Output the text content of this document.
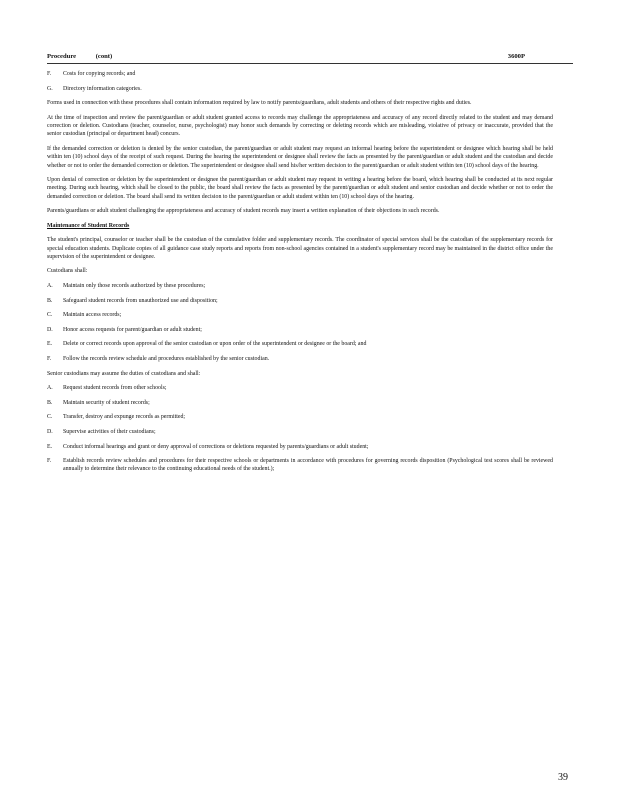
Procedure	(cont)	3600P
F. Costs for copying records; and
G. Directory information categories.

Forms used in connection with these procedures shall contain information required by law to notify parents/guardians, adult students and others of their respective rights and duties.

At the time of inspection and review the parent/guardian or adult student granted access to records may challenge the appropriateness and accuracy of any record directly related to the student and may demand correction or deletion. Custodians (teacher, counselor, nurse, psychologist) may honor such demands by correcting or deleting records which are misleading, violative of privacy or inaccurate, provided that the senior custodian (principal or department head) concurs.

If the demanded correction or deletion is denied by the senior custodian, the parent/guardian or adult student may request an informal hearing before the superintendent or designee which hearing shall be held within ten (10) school days of the receipt of such request. During the hearing the superintendent or designee shall review the facts as presented by the parent/guardian or adult student and the custodian and decide whether or not to order the demanded correction or deletion. The superintendent or designee shall send his/her written decision to the parent/guardian or adult student within ten (10) school days of the hearing.

Upon denial of correction or deletion by the superintendent or designee the parent/guardian or adult student may request in writing a hearing before the board, which hearing shall be conducted at its next regular meeting. During such hearing, which shall be closed to the public, the board shall review the facts as presented by the parent/guardian or adult student and senior custodian and decide whether or not to order the demanded correction or deletion. The board shall send its written decision to the parent/guardian or adult student within ten (10) school days of the hearing.

Parents/guardians or adult student challenging the appropriateness and accuracy of student records may insert a written explanation of their objections in such records.

Maintenance of Student Records

The student's principal, counselor or teacher shall be the custodian of the cumulative folder and supplementary records. The coordinator of special services shall be the custodian of the supplementary records for special education students. Duplicate copies of all guidance case study reports and reports from non-school agencies contained in a student's supplementary record may be maintained in the district office under the supervision of the superintendent or designee.

Custodians shall:

A. Maintain only those records authorized by these procedures;
B. Safeguard student records from unauthorized use and disposition;
C. Maintain access records;
D. Honor access requests for parent/guardian or adult student;
E. Delete or correct records upon approval of the senior custodian or upon order of the superintendent or designee or the board; and
F. Follow the records review schedule and procedures established by the senior custodian.

Senior custodians may assume the duties of custodians and shall:

A. Request student records from other schools;
B. Maintain security of student records;
C. Transfer, destroy and expunge records as permitted;
D. Supervise activities of their custodians;
E. Conduct informal hearings and grant or deny approval of corrections or deletions requested by parents/guardians or adult student;
F. Establish records review schedules and procedures for their respective schools or departments in accordance with procedures for governing records disposition (Psychological test scores shall be reviewed annually to determine their relevance to the continuing educational needs of the student.);
39
